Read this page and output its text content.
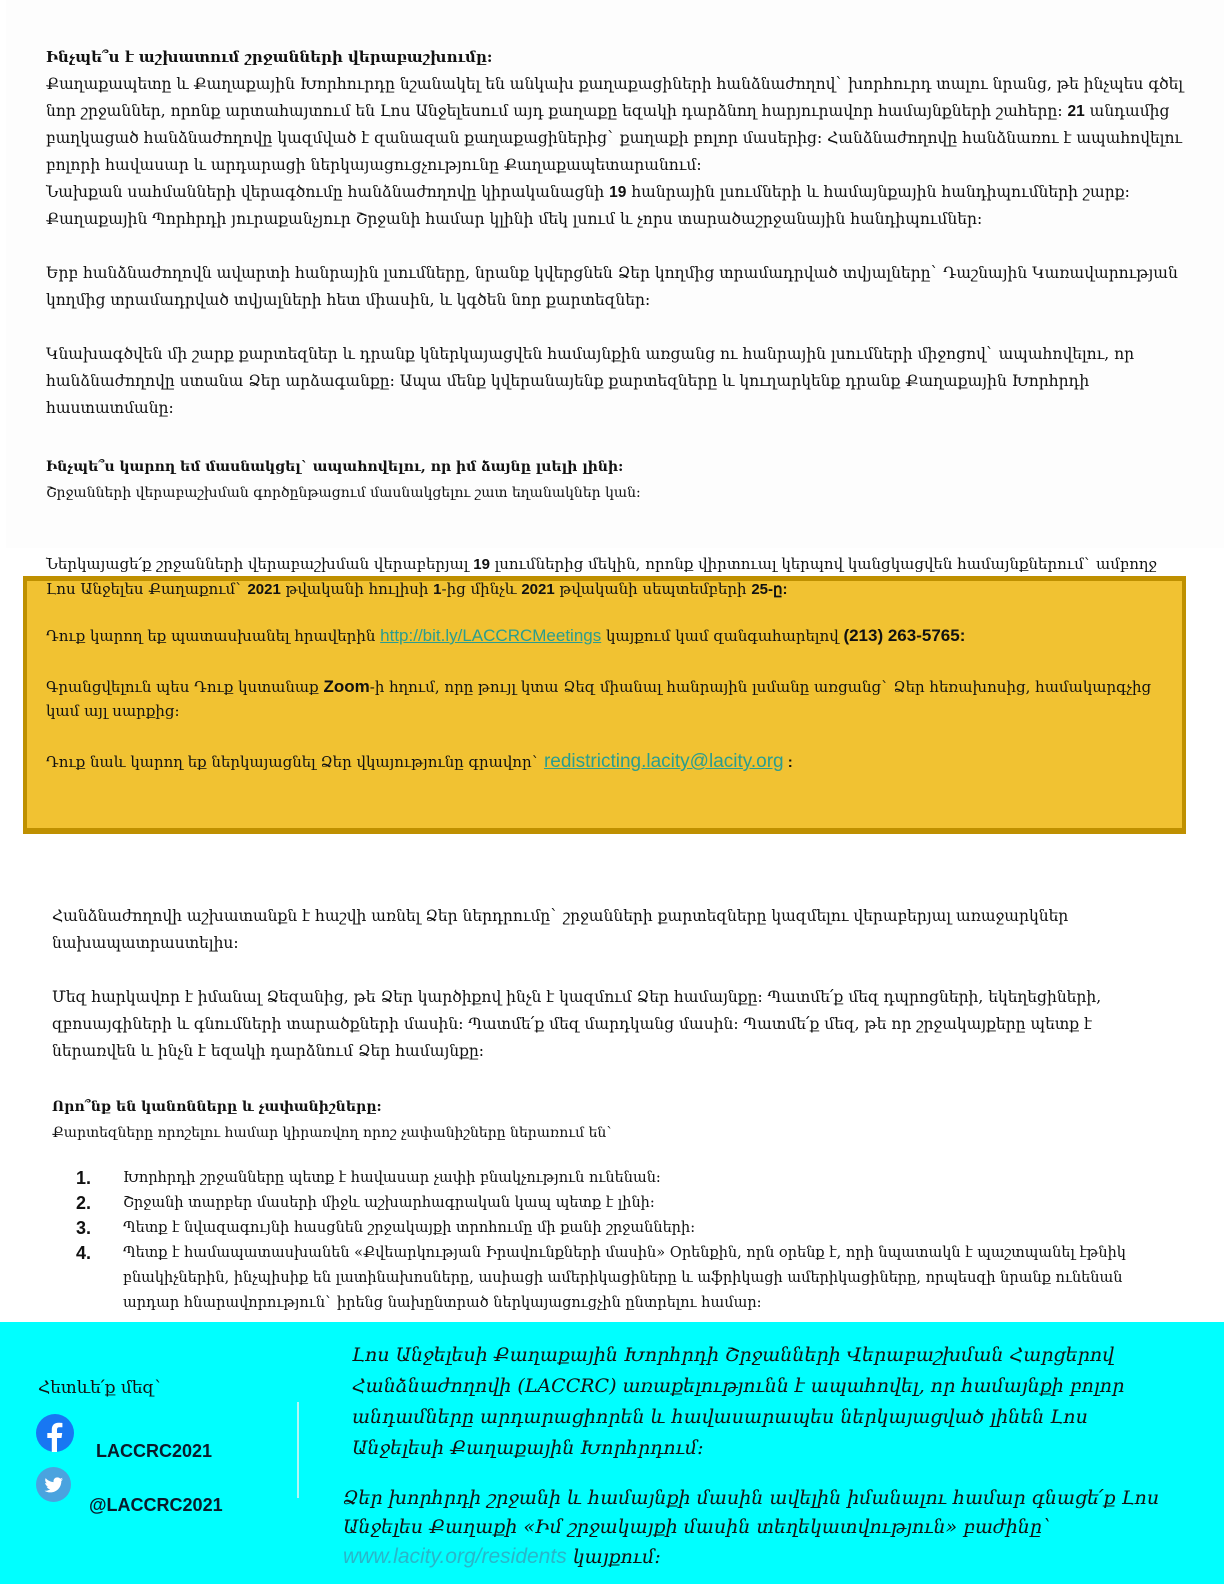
Ինչպե՞ս է աշխատում շրջանների վերաբաշխումը:

Քաղաքապետը և Քաղաքային Խորհուրդը նշանակել են անկախ քաղաքացիների հանձնաժողով` խորհուրդ տալու նրանց, թե ինչպես գծել նոր շրջաններ, որոնք արտահայտում են Լոս Անջելեսում այդ քաղաքը եզակի դարձնող հարյուրավոր համայնքների շահերը: 21 անդամից բաղկացած հանձնաժողովը կազմված է զանազան քաղաքացիներից` քաղաքի բոլոր մասերից: Հանձնաժողովը հանձնառու է ապահովելու բոլորի հավասար և արդարացի ներկայացուցչությունը Քաղաքապետարանում:

Նախքան սահմանների վերագծումը հանձնաժողովը կիրականացնի 19 հանրային լսումների և համայնքային հանդիպումների շարք: Քաղաքային Պորհրդի յուրաքանչյուր Շրջանի համար կլինի մեկ լսում և չորս տարածաշրջանային հանդիպումներ:

Երբ հանձնաժողովն ավարտի հանրային լսումները, նրանք կվերցնեն Ձեր կողմից տրամադրված տվյալները` Դաշնային Կառավարության կողմից տրամադրված տվյալների հետ միասին, և կգծեն նոր քարտեզներ:

Կնախագծվեն մի շարք քարտեզներ և դրանք կներկայացվեն համայնքին առցանց ու հանրային լսումների միջոցով` ապահովելու, որ հանձնաժողովը ստանա Ձեր արձագանքը: Ապա մենք կվերանայենք քարտեզները և կուղարկենք դրանք Քաղաքային Խորհրդի հաստատմանը:

Ինչպե՞ս կարող եմ մասնակցել` ապահովելու, որ իմ ձայնը լսելի լինի:

Շրջանների վերաբաշխման գործընթացում մասնակցելու շատ եղանակներ կան:

Ներկայացե՛ք շրջանների վերաբաշխման վերաբերյալ 19 լսումներից մեկին, որոնք վիրտուալ կերպով կանցկացվեն համայնքներում` ամբողջ Լոս Անջելես Քաղաքում` 2021 թվականի հուլիսի 1-ից մինչև 2021 թվականի սեպտեմբերի 25-ը:
Դուք կարող եք պատասխանել հրավերին http://bit.ly/LACCRCMeetings կայքում կամ զանգահարելով (213) 263-5765:
Գրանցվելուն պես Դուք կստանաք Zoom-ի հղում, որը թույլ կտա Ձեզ միանալ հանրային լսմանը առցանց` Ձեր հեռախոսից, համակարգչից կամ այլ սարքից:
Դուք նաև կարող եք ներկայացնել Ձեր վկայությունը գրավոր` redistricting.lacity@lacity.org :

Հանձնաժողովի աշխատանքն է հաշվի առնել Ձեր ներդրումը` շրջանների քարտեզները կազմելու վերաբերյալ առաջարկներ նախապատրաստելիս:

Մեզ հարկավոր է իմանալ Ձեզանից, թե Ձեր կարծիքով ինչն է կազմում Ձեր համայնքը: Պատմե՛ք մեզ դպրոցների, եկեղեցիների, զբոսայգիների և գնումների տարածքների մասին: Պատմե՛ք մեզ մարդկանց մասին: Պատմե՛ք մեզ, թե որ շրջակայքերը պետք է ներառվեն և ինչն է եզակի դարձնում Ձեր համայնքը:

Որո՞նք են կանոնները և չափանիշները:

Քարտեզները որոշելու համար կիրառվող որոշ չափանիշները ներառում են`

1. Խորհրդի շրջանները պետք է հավասար չափի բնակչություն ունենան:
2. Շրջանի տարբեր մասերի միջև աշխարհագրական կապ պետք է լինի:
3. Պետք է նվազագույնի հասցնեն շրջակայքի տրոհումը մի քանի շրջանների:
4. Պետք է համապատասխանեն «Քվեարկության Իրավունքների մասին» Օրենքին, որն օրենք է, որի նպատակն է պաշտպանել էթնիկ բնակիչներին, ինչպիսիք են լատինախոսները, ասիացի ամերիկացիները և աֆրիկացի ամերիկացիները, որպեսզի նրանք ունենան արդար հնարավորություն` իրենց նախընտրած ներկայացուցչին ընտրելու համար:
Հետևե՛ք մեզ`
LACCRC2021
@LACCRC2021
Լոս Անջելեսի Քաղաքային Խորհրդի Շրջանների Վերաբաշխման Հարցերով Հանձնաժողովի (LACCRC) առաքելությունն է ապահովել, որ համայնքի բոլոր անդամները արդարացիորեն և հավասարապես ներկայացված լինեն Լոս Անջելեսի Քաղաքային Խորհրդում:
Ձեր խորհրդի շրջանի և համայնքի մասին ավելին իմանալու համար գնացե՛ք Լոս Անջելես Քաղաքի «Իմ շրջակայքի մասին տեղեկատվություն» բաժինը`
www.lacity.org/residents կայքում:
